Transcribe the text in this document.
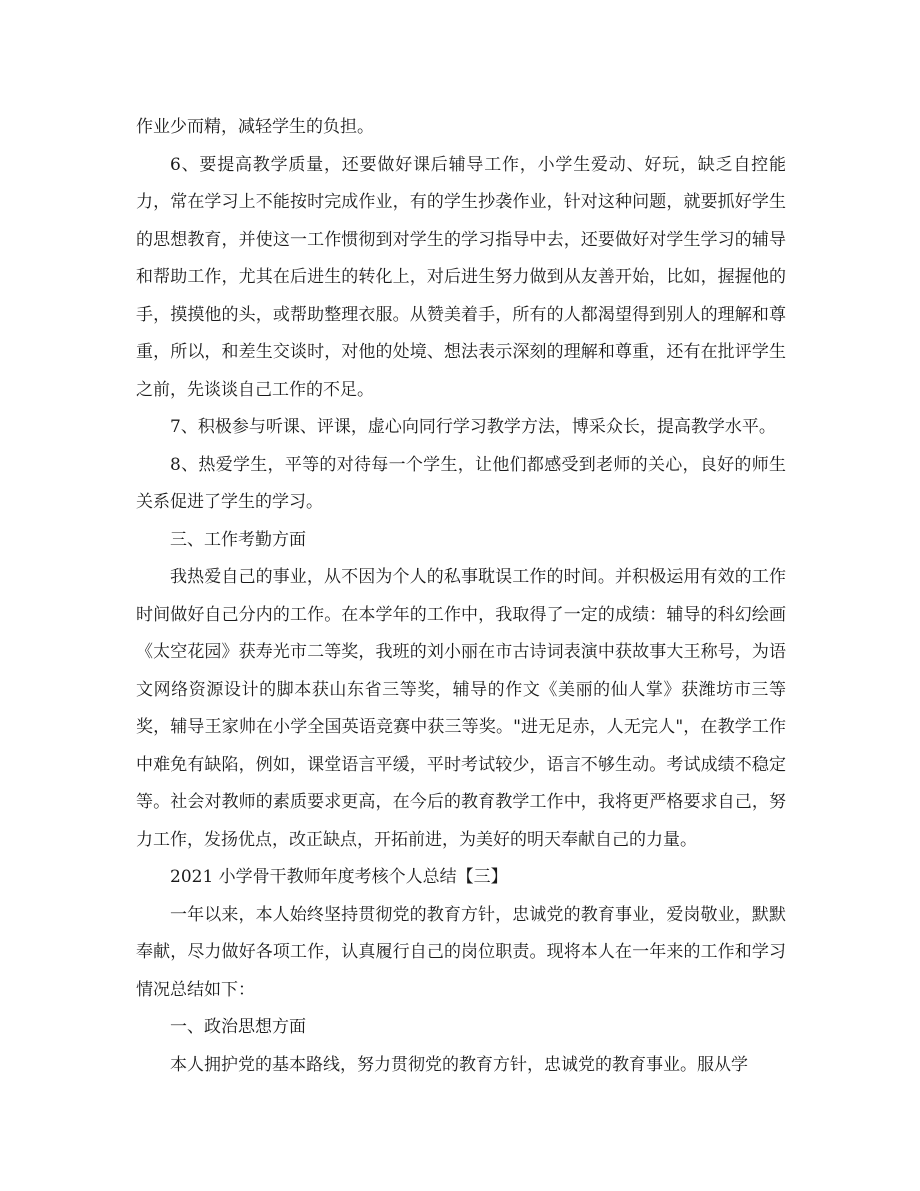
作业少而精，减轻学生的负担。

6、要提高教学质量，还要做好课后辅导工作，小学生爱动、好玩，缺乏自控能力，常在学习上不能按时完成作业，有的学生抄袭作业，针对这种问题，就要抓好学生的思想教育，并使这一工作惯彻到对学生的学习指导中去，还要做好对学生学习的辅导和帮助工作，尤其在后进生的转化上，对后进生努力做到从友善开始，比如，握握他的手，摸摸他的头，或帮助整理衣服。从赞美着手，所有的人都渴望得到别人的理解和尊重，所以，和差生交谈时，对他的处境、想法表示深刻的理解和尊重，还有在批评学生之前，先谈谈自己工作的不足。

7、积极参与听课、评课，虚心向同行学习教学方法，博采众长，提高教学水平。

8、热爱学生，平等的对待每一个学生，让他们都感受到老师的关心，良好的师生关系促进了学生的学习。

三、工作考勤方面

我热爱自己的事业，从不因为个人的私事耽误工作的时间。并积极运用有效的工作时间做好自己分内的工作。在本学年的工作中，我取得了一定的成绩：辅导的科幻绘画《太空花园》获寿光市二等奖，我班的刘小丽在市古诗词表演中获故事大王称号，为语文网络资源设计的脚本获山东省三等奖，辅导的作文《美丽的仙人掌》获潍坊市三等奖，辅导王家帅在小学全国英语竞赛中获三等奖。"进无足赤，人无完人"，在教学工作中难免有缺陷，例如，课堂语言平缓，平时考试较少，语言不够生动。考试成绩不稳定等。社会对教师的素质要求更高，在今后的教育教学工作中，我将更严格要求自己，努力工作，发扬优点，改正缺点，开拓前进，为美好的明天奉献自己的力量。

2021 小学骨干教师年度考核个人总结【三】

一年以来，本人始终坚持贯彻党的教育方针，忠诚党的教育事业，爱岗敬业，默默奉献，尽力做好各项工作，认真履行自己的岗位职责。现将本人在一年来的工作和学习情况总结如下：

一、政治思想方面

本人拥护党的基本路线，努力贯彻党的教育方针，忠诚党的教育事业。服从学
